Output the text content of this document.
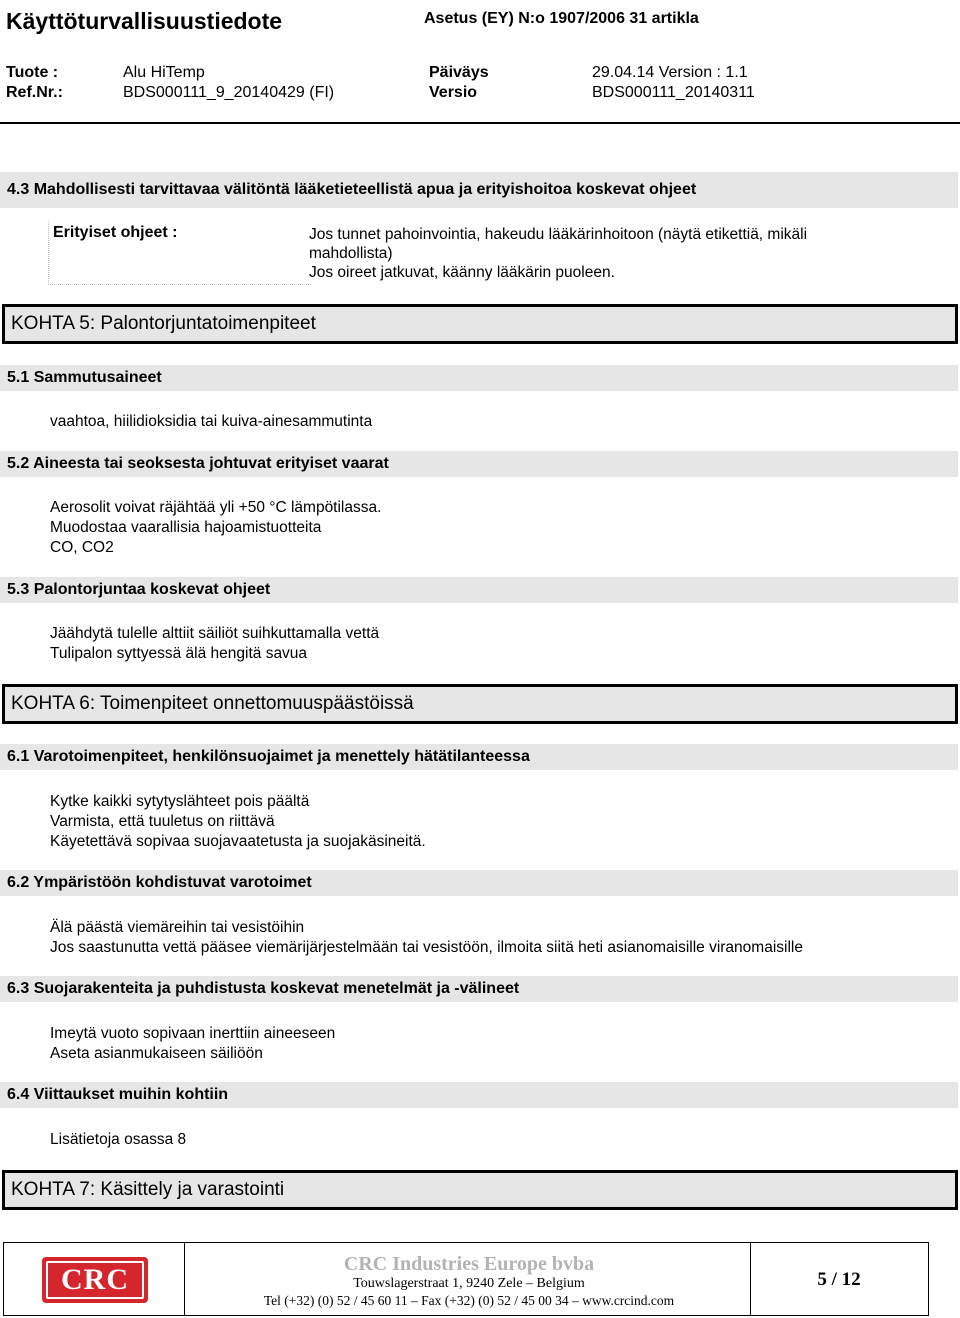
Käyttöturvallisuustiedote	Asetus (EY) N:o 1907/2006 31 artikla
Tuote :	Alu HiTemp	Päiväys	29.04.14 Version : 1.1
Ref.Nr.:	BDS000111_9_20140429 (FI)	Versio	BDS000111_20140311
4.3 Mahdollisesti tarvittavaa välitöntä lääketieteellistä apua ja erityishoitoa koskevat ohjeet
Erityiset ohjeet :	Jos tunnet pahoinvointia, hakeudu lääkärinhoitoon (näytä etikettiä, mikäli
mahdollista)
Jos oireet jatkuvat, käänny lääkärin puoleen.
KOHTA 5: Palontorjuntatoimenpiteet
5.1 Sammutusaineet
vaahtoa, hiilidioksidia tai kuiva-ainesammutinta
5.2 Aineesta tai seoksesta johtuvat erityiset vaarat
Aerosolit voivat räjähtää yli +50 °C lämpötilassa.
Muodostaa vaarallisia hajoamistuotteita
CO, CO2
5.3 Palontorjuntaa koskevat ohjeet
Jäähdytä tulelle alttiit säiliöt suihkuttamalla vettä
Tulipalon syttyessä älä hengitä savua
KOHTA 6: Toimenpiteet onnettomuuspäästöissä
6.1 Varotoimenpiteet, henkilönsuojaimet ja menettely hätätilanteessa
Kytke kaikki sytytyslähteet pois päältä
Varmista, että tuuletus on riittävä
Käyetettävä sopivaa suojavaatetusta ja suojakäsineitä.
6.2 Ympäristöön kohdistuvat varotoimet
Älä päästä viemäreihin tai vesistöihin
Jos saastunutta vettä pääsee viemärijärjestelmään tai vesistöön, ilmoita siitä heti asianomaisille viranomaisille
6.3 Suojarakenteita ja puhdistusta koskevat menetelmät ja -välineet
Imeytä vuoto sopivaan inerttiin aineeseen
Aseta asianmukaiseen säiliöön
6.4 Viittaukset muihin kohtiin
Lisätietoja osassa 8
KOHTA 7: Käsittely ja varastointi
CRC	CRC Industries Europe bvba
Touwslagerstraat 1, 9240 Zele – Belgium
Tel (+32) (0) 52 / 45 60 11 – Fax (+32) (0) 52 / 45 00 34 – www.crcind.com
5 / 12
